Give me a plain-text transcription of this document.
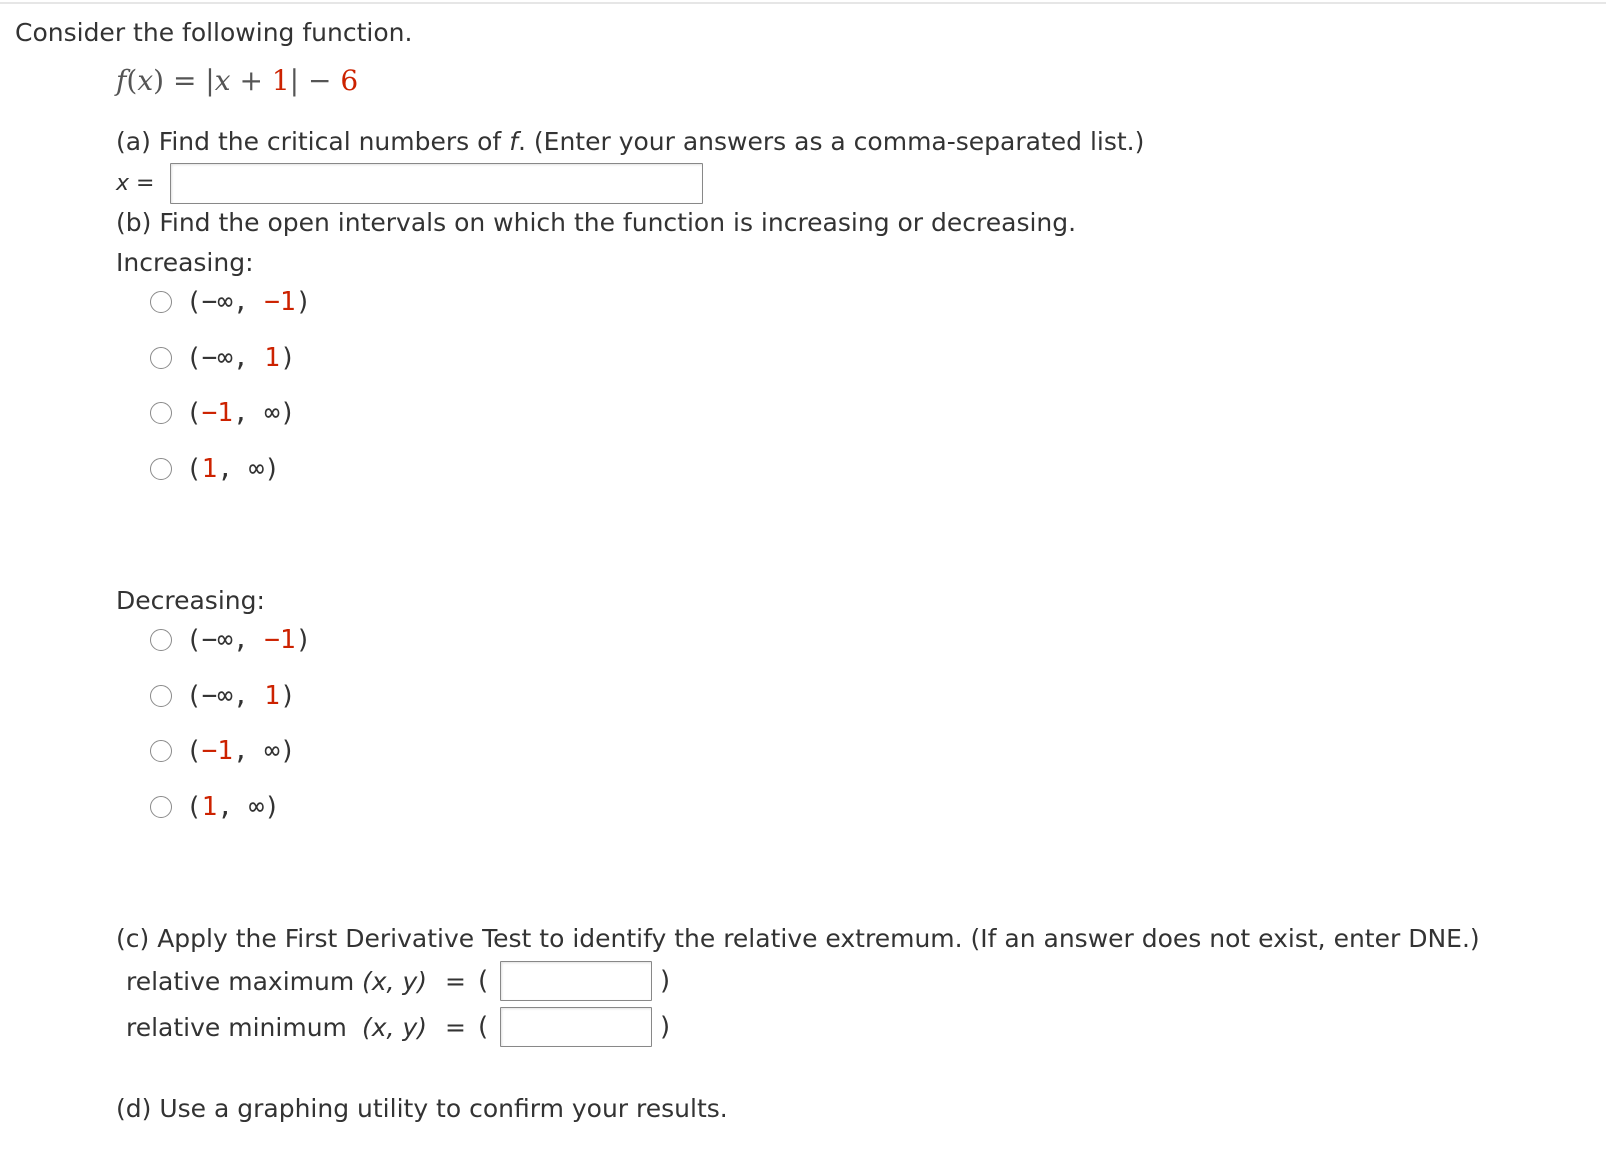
Consider the following function.
f(x) = |x + 1| − 6
(a) Find the critical numbers of f. (Enter your answers as a comma-separated list.)
x =
(b) Find the open intervals on which the function is increasing or decreasing.
Increasing:
(−∞, −1)
(−∞, 1)
(−1, ∞)
(1, ∞)
Decreasing:
(−∞, −1)
(−∞, 1)
(−1, ∞)
(1, ∞)
(c) Apply the First Derivative Test to identify the relative extremum. (If an answer does not exist, enter DNE.)
relative maximum (x, y) = (	)
relative minimum (x, y) = (	)
(d) Use a graphing utility to confirm your results.
